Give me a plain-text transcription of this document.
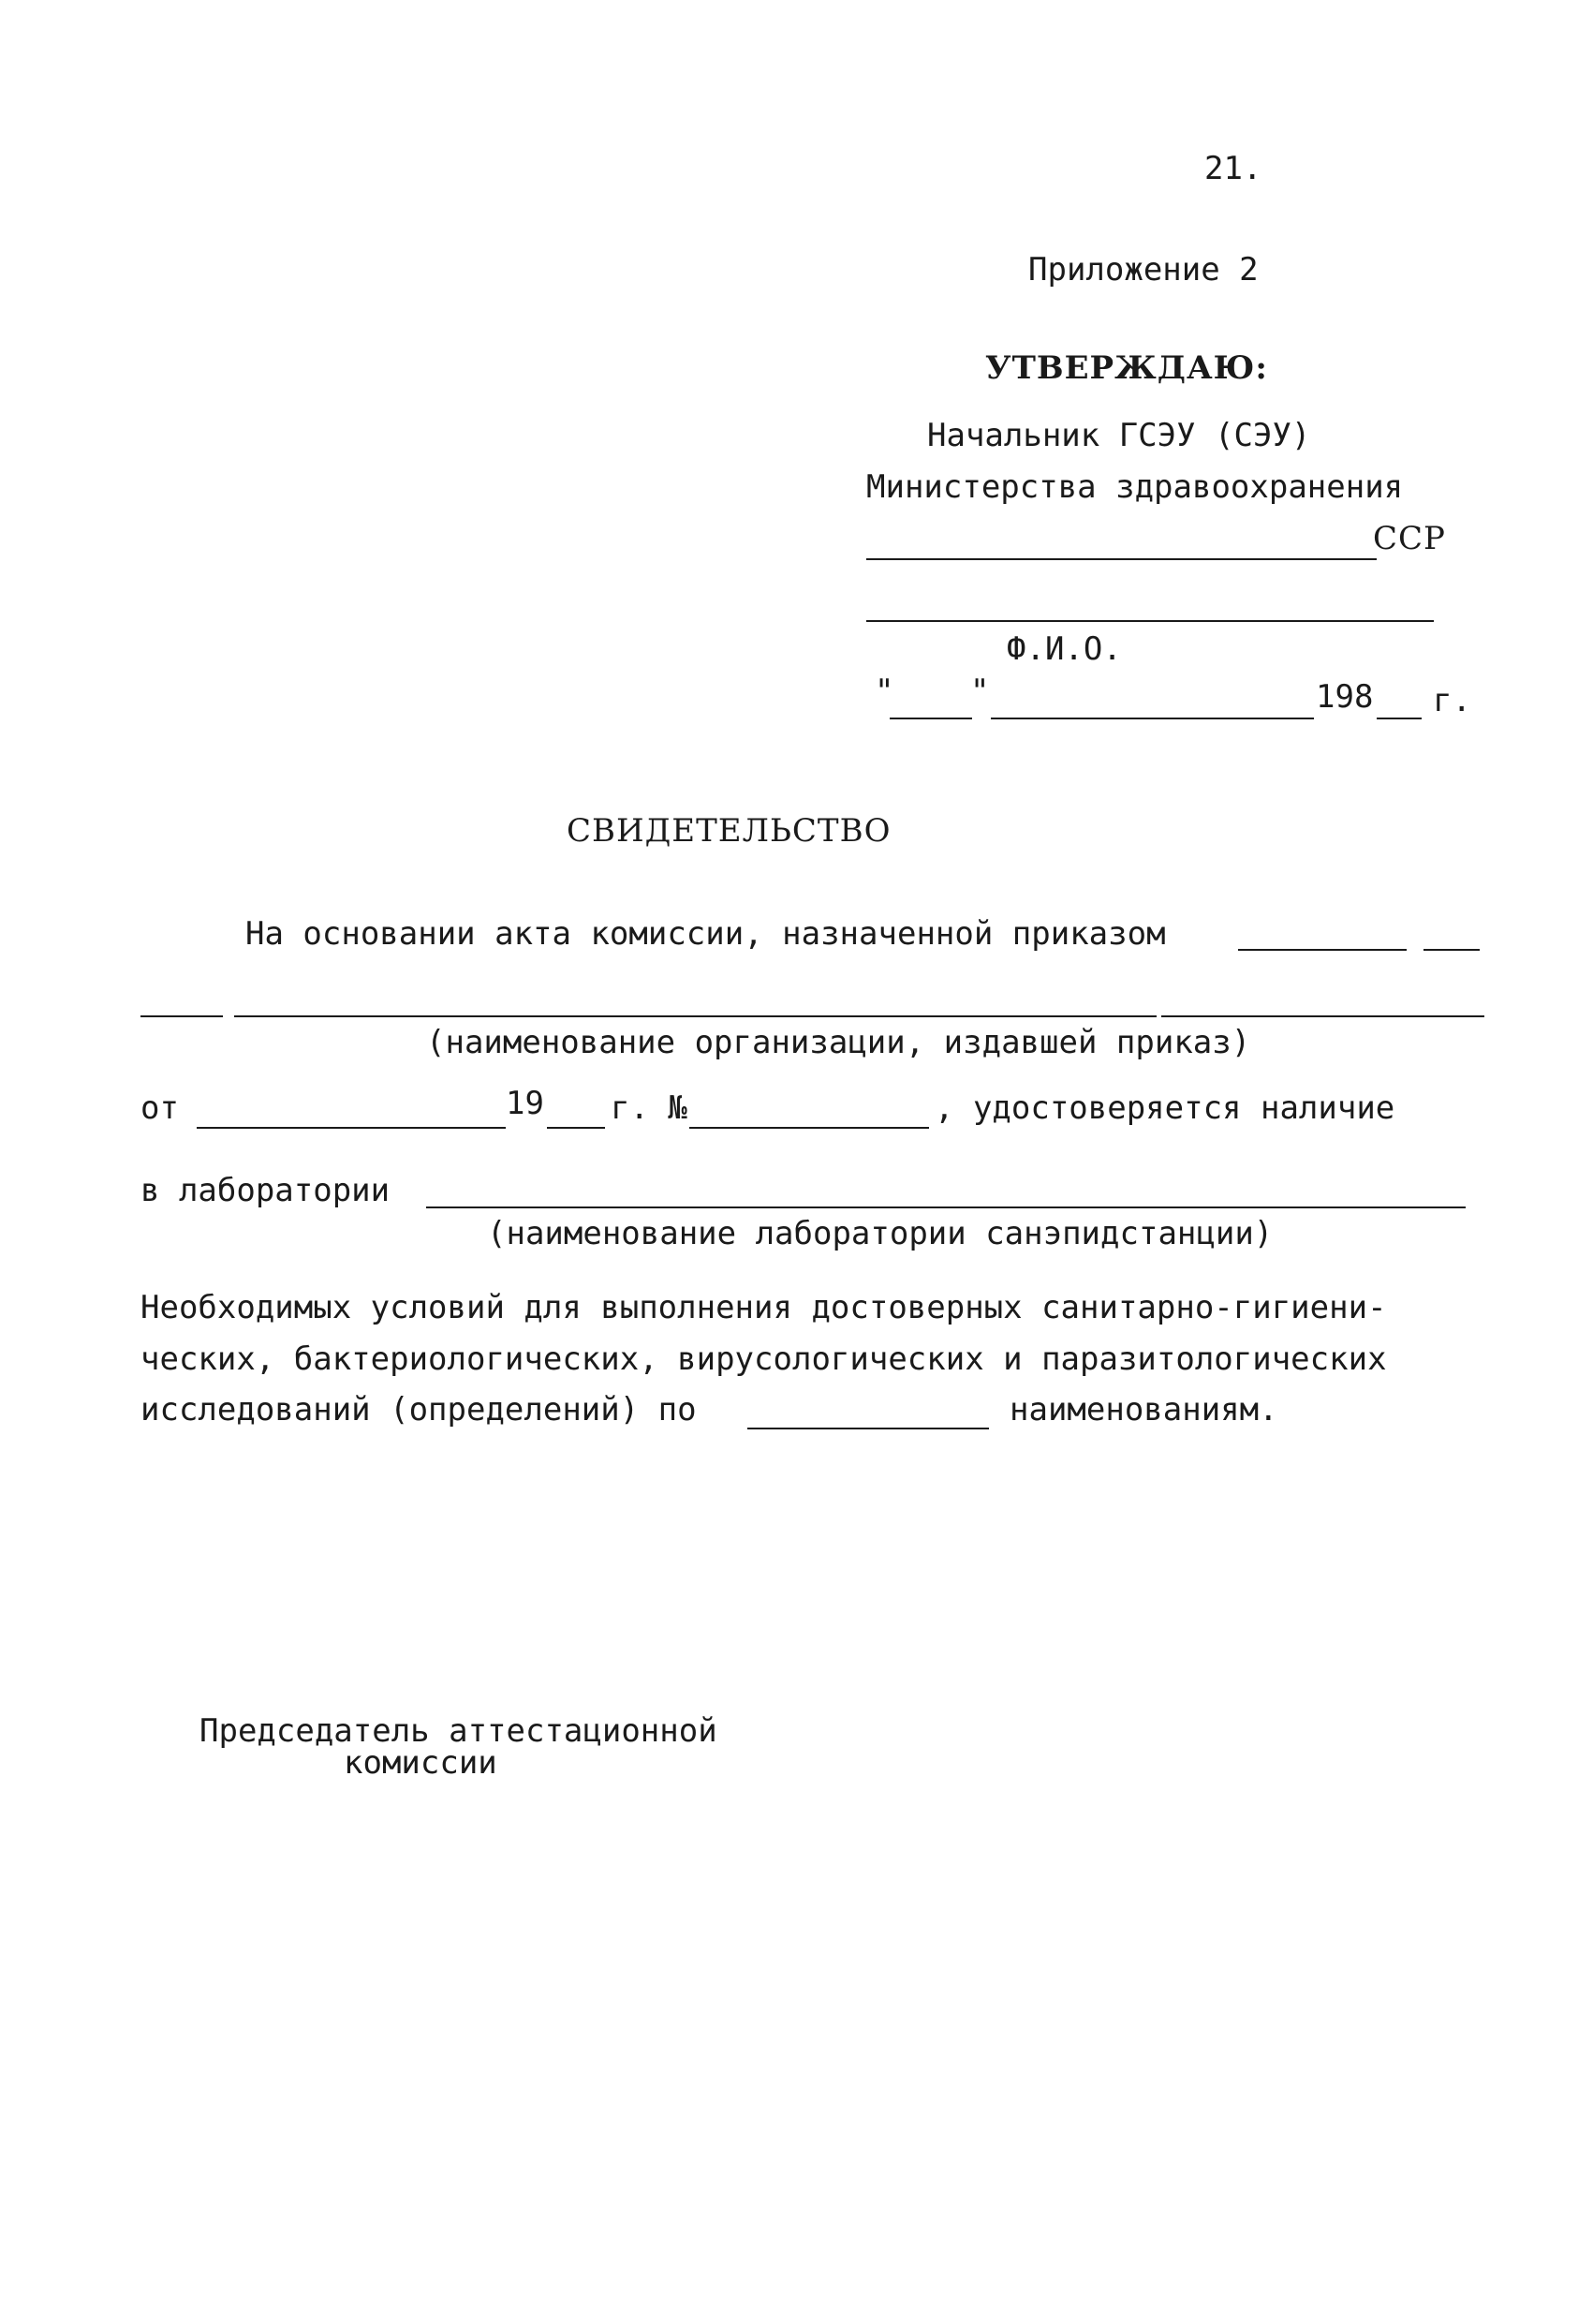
21.
Приложение 2
УТВЕРЖДАЮ:
Начальник ГСЭУ (СЭУ)
Министерства здравоохранения
ССР
Ф.И.О.
" "	198 г.
СВИДЕТЕЛЬСТВО
На основании акта комиссии, назначенной приказом
(наименование организации, издавшей приказ)
от	19 г. №	, удостоверяется наличие
в лаборатории
(наименование лаборатории санэпидстанции)
Необходимых условий для выполнения достоверных санитарно-гигиени-
ческих, бактериологических, вирусологических и паразитологических
исследований (определений) по	наименованиям.
Председатель аттестационной
комиссии
